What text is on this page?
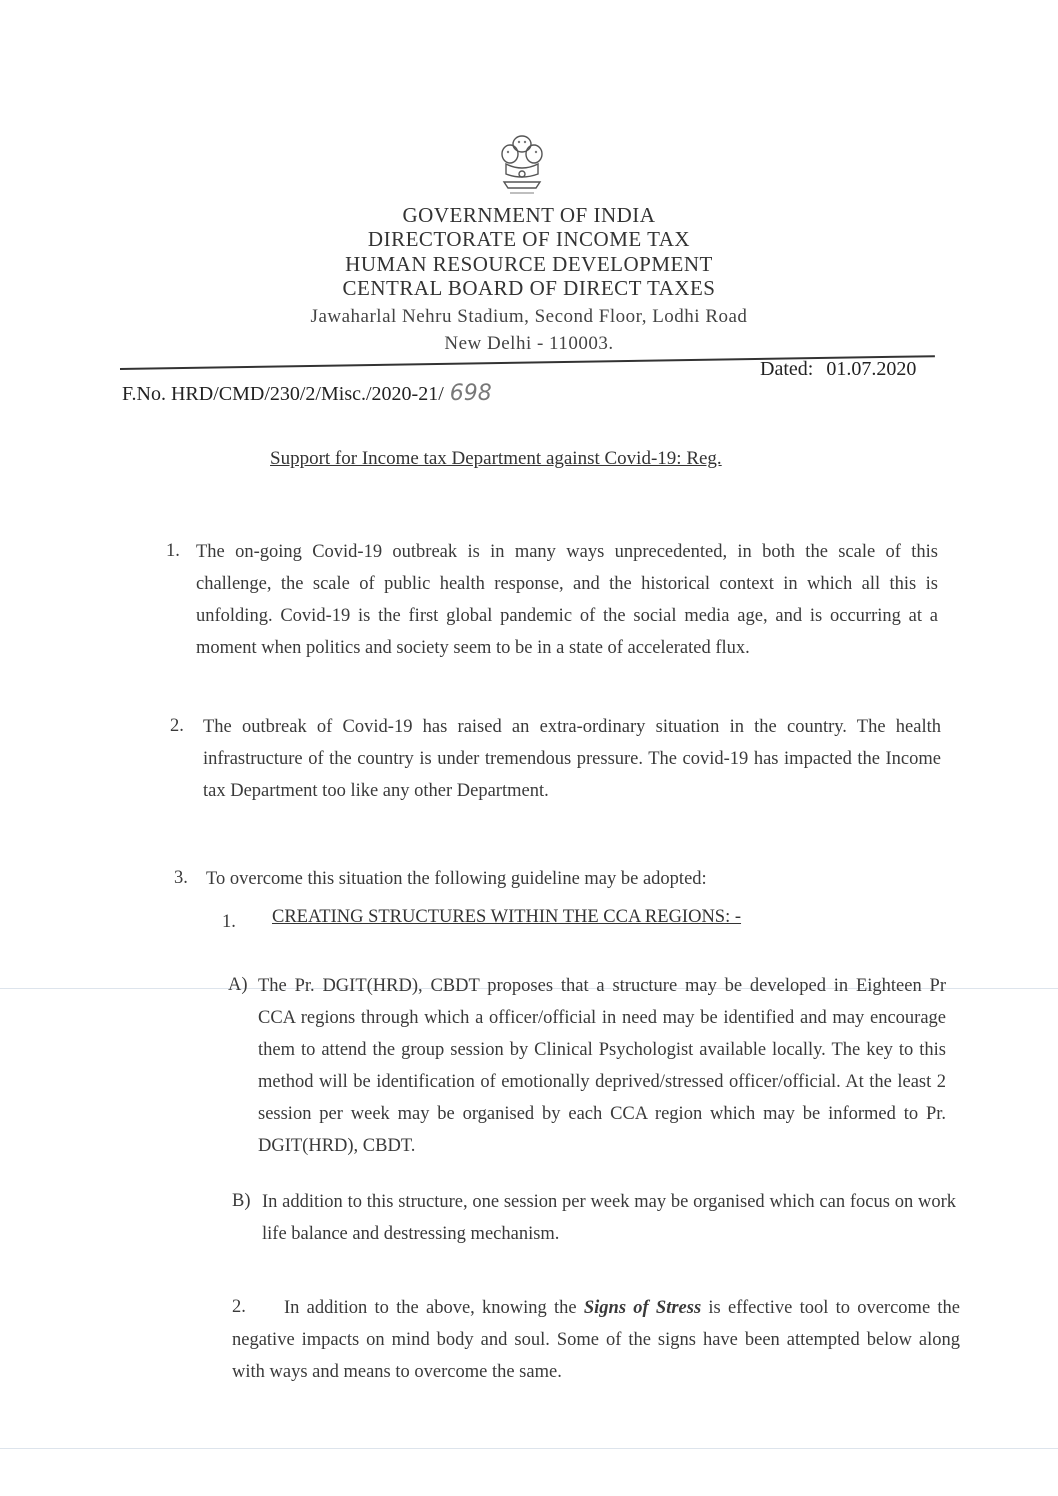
GOVERNMENT OF INDIA
DIRECTORATE OF INCOME TAX
HUMAN RESOURCE DEVELOPMENT
CENTRAL BOARD OF DIRECT TAXES
Jawaharlal Nehru Stadium, Second Floor, Lodhi Road
New Delhi - 110003.
F.No. HRD/CMD/230/2/Misc./2020-21/ 698
Dated: 01.07.2020
Support for Income tax Department against Covid-19: Reg.
1. The on-going Covid-19 outbreak is in many ways unprecedented, in both the scale of this challenge, the scale of public health response, and the historical context in which all this is unfolding. Covid-19 is the first global pandemic of the social media age, and is occurring at a moment when politics and society seem to be in a state of accelerated flux.
2. The outbreak of Covid-19 has raised an extra-ordinary situation in the country. The health infrastructure of the country is under tremendous pressure. The covid-19 has impacted the Income tax Department too like any other Department.
3. To overcome this situation the following guideline may be adopted:
1. CREATING STRUCTURES WITHIN THE CCA REGIONS: -
A) The Pr. DGIT(HRD), CBDT proposes that a structure may be developed in Eighteen Pr CCA regions through which a officer/official in need may be identified and may encourage them to attend the group session by Clinical Psychologist available locally. The key to this method will be identification of emotionally deprived/stressed officer/official. At the least 2 session per week may be organised by each CCA region which may be informed to Pr. DGIT(HRD), CBDT.
B) In addition to this structure, one session per week may be organised which can focus on work life balance and destressing mechanism.
2.	In addition to the above, knowing the Signs of Stress is effective tool to overcome the negative impacts on mind body and soul. Some of the signs have been attempted below along with ways and means to overcome the same.
